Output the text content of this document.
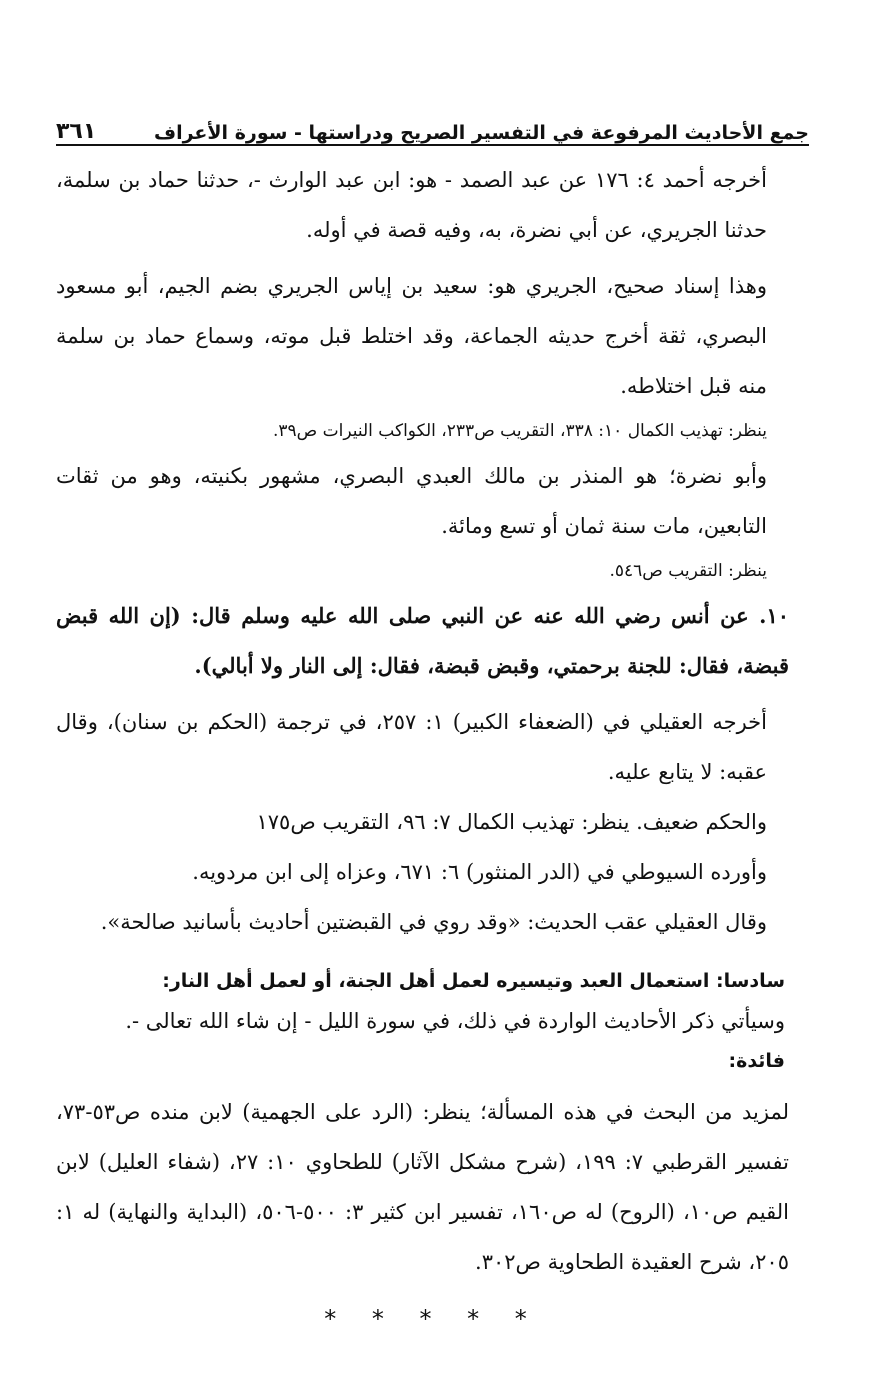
جمع الأحاديث المرفوعة في التفسير الصريح ودراستها - سورة الأعراف
٣٦١

أخرجه أحمد ٤: ١٧٦ عن عبد الصمد - هو: ابن عبد الوارث -، حدثنا حماد بن سلمة، حدثنا الجريري، عن أبي نضرة، به، وفيه قصة في أوله.

وهذا إسناد صحيح، الجريري هو: سعيد بن إياس الجريري بضم الجيم، أبو مسعود البصري، ثقة أخرج حديثه الجماعة، وقد اختلط قبل موته، وسماع حماد بن سلمة منه قبل اختلاطه.

ينظر: تهذيب الكمال ١٠: ٣٣٨، التقريب ص٢٣٣، الكواكب النيرات ص٣٩.

وأبو نضرة؛ هو المنذر بن مالك العبدي البصري، مشهور بكنيته، وهو من ثقات التابعين، مات سنة ثمان أو تسع ومائة.

ينظر: التقريب ص٥٤٦.

١٠. عن أنس رضي الله عنه عن النبي صلى الله عليه وسلم قال: (إن الله قبض قبضة، فقال: للجنة برحمتي، وقبض قبضة، فقال: إلى النار ولا أبالي).

أخرجه العقيلي في (الضعفاء الكبير) ١: ٢٥٧، في ترجمة (الحكم بن سنان)، وقال عقبه: لا يتابع عليه.

والحكم ضعيف. ينظر: تهذيب الكمال ٧: ٩٦، التقريب ص١٧٥

وأورده السيوطي في (الدر المنثور) ٦: ٦٧١، وعزاه إلى ابن مردويه.

وقال العقيلي عقب الحديث: «وقد روي في القبضتين أحاديث بأسانيد صالحة».

سادسا: استعمال العبد وتيسيره لعمل أهل الجنة، أو لعمل أهل النار:

وسيأتي ذكر الأحاديث الواردة في ذلك، في سورة الليل - إن شاء الله تعالى -.

فائدة:

لمزيد من البحث في هذه المسألة؛ ينظر: (الرد على الجهمية) لابن منده ص٥٣-٧٣، تفسير القرطبي ٧: ١٩٩، (شرح مشكل الآثار) للطحاوي ١٠: ٢٧، (شفاء العليل) لابن القيم ص١٠، (الروح) له ص١٦٠، تفسير ابن كثير ٣: ٥٠٠-٥٠٦، (البداية والنهاية) له ١: ٢٠٥، شرح العقيدة الطحاوية ص٣٠٢.

* * * * *
